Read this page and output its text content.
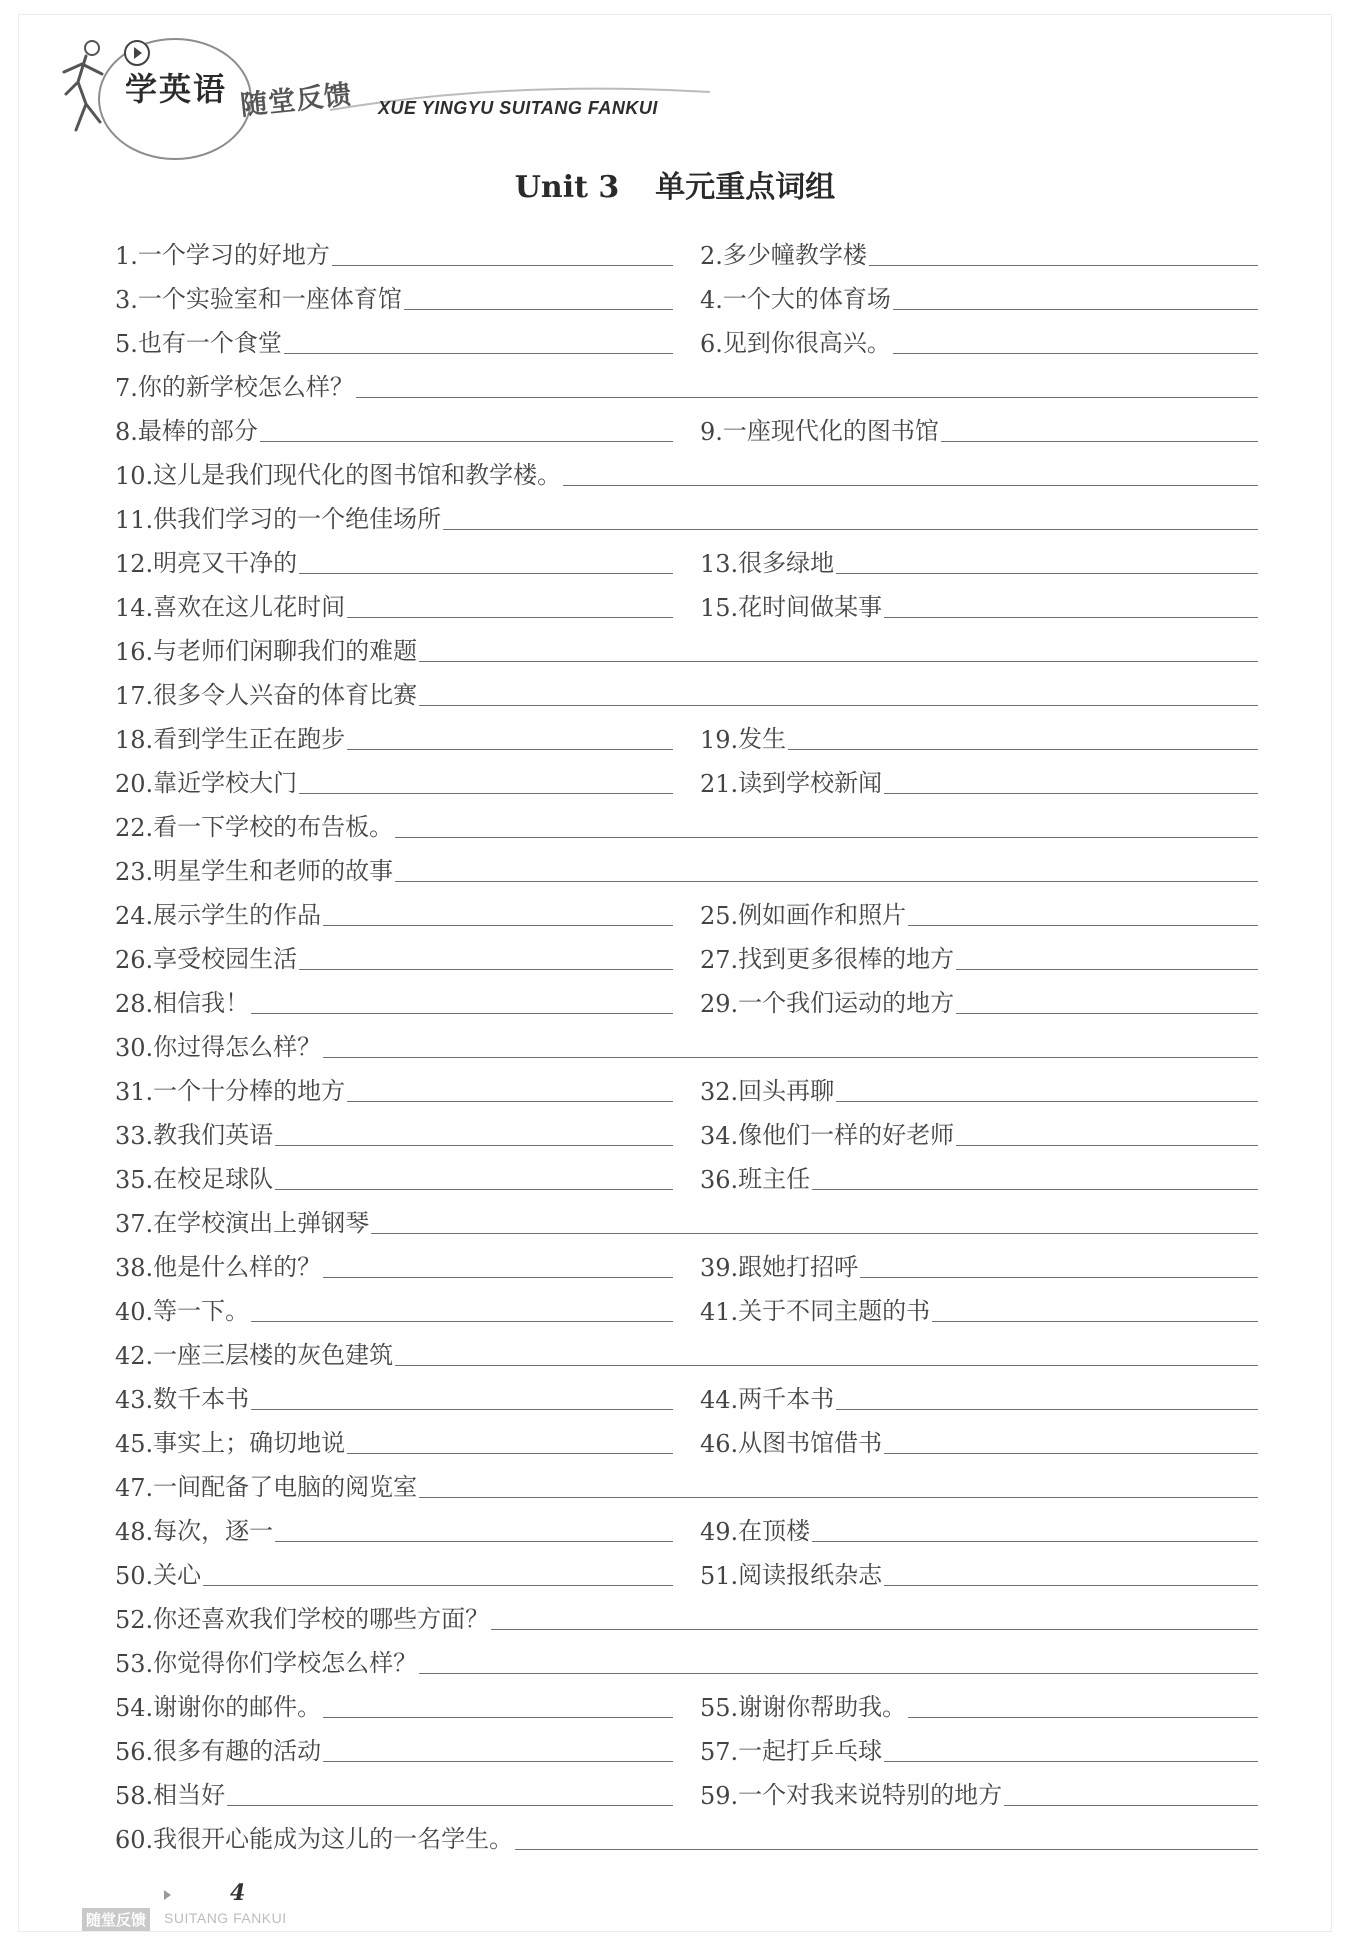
学英语 随堂反馈 XUE YINGYU SUITANG FANKUI
Unit 3 单元重点词组
1. 一个学习的好地方	2. 多少幢教学楼
3. 一个实验室和一座体育馆	4. 一个大的体育场
5. 也有一个食堂	6. 见到你很高兴。
7. 你的新学校怎么样？
8. 最棒的部分	9. 一座现代化的图书馆
10. 这儿是我们现代化的图书馆和教学楼。
11. 供我们学习的一个绝佳场所
12. 明亮又干净的	13. 很多绿地
14. 喜欢在这儿花时间	15. 花时间做某事
16. 与老师们闲聊我们的难题
17. 很多令人兴奋的体育比赛
18. 看到学生正在跑步	19. 发生
20. 靠近学校大门	21. 读到学校新闻
22. 看一下学校的布告板。
23. 明星学生和老师的故事
24. 展示学生的作品	25. 例如画作和照片
26. 享受校园生活	27. 找到更多很棒的地方
28. 相信我！	29. 一个我们运动的地方
30. 你过得怎么样？
31. 一个十分棒的地方	32. 回头再聊
33. 教我们英语	34. 像他们一样的好老师
35. 在校足球队	36. 班主任
37. 在学校演出上弹钢琴
38. 他是什么样的？	39. 跟她打招呼
40. 等一下。	41. 关于不同主题的书
42. 一座三层楼的灰色建筑
43. 数千本书	44. 两千本书
45. 事实上；确切地说	46. 从图书馆借书
47. 一间配备了电脑的阅览室
48. 每次，逐一	49. 在顶楼
50. 关心	51. 阅读报纸杂志
52. 你还喜欢我们学校的哪些方面？
53. 你觉得你们学校怎么样？
54. 谢谢你的邮件。	55. 谢谢你帮助我。
56. 很多有趣的活动	57. 一起打乒乓球
58. 相当好	59. 一个对我来说特别的地方
60. 我很开心能成为这儿的一名学生。
4
随堂反馈 SUITANG FANKUI
